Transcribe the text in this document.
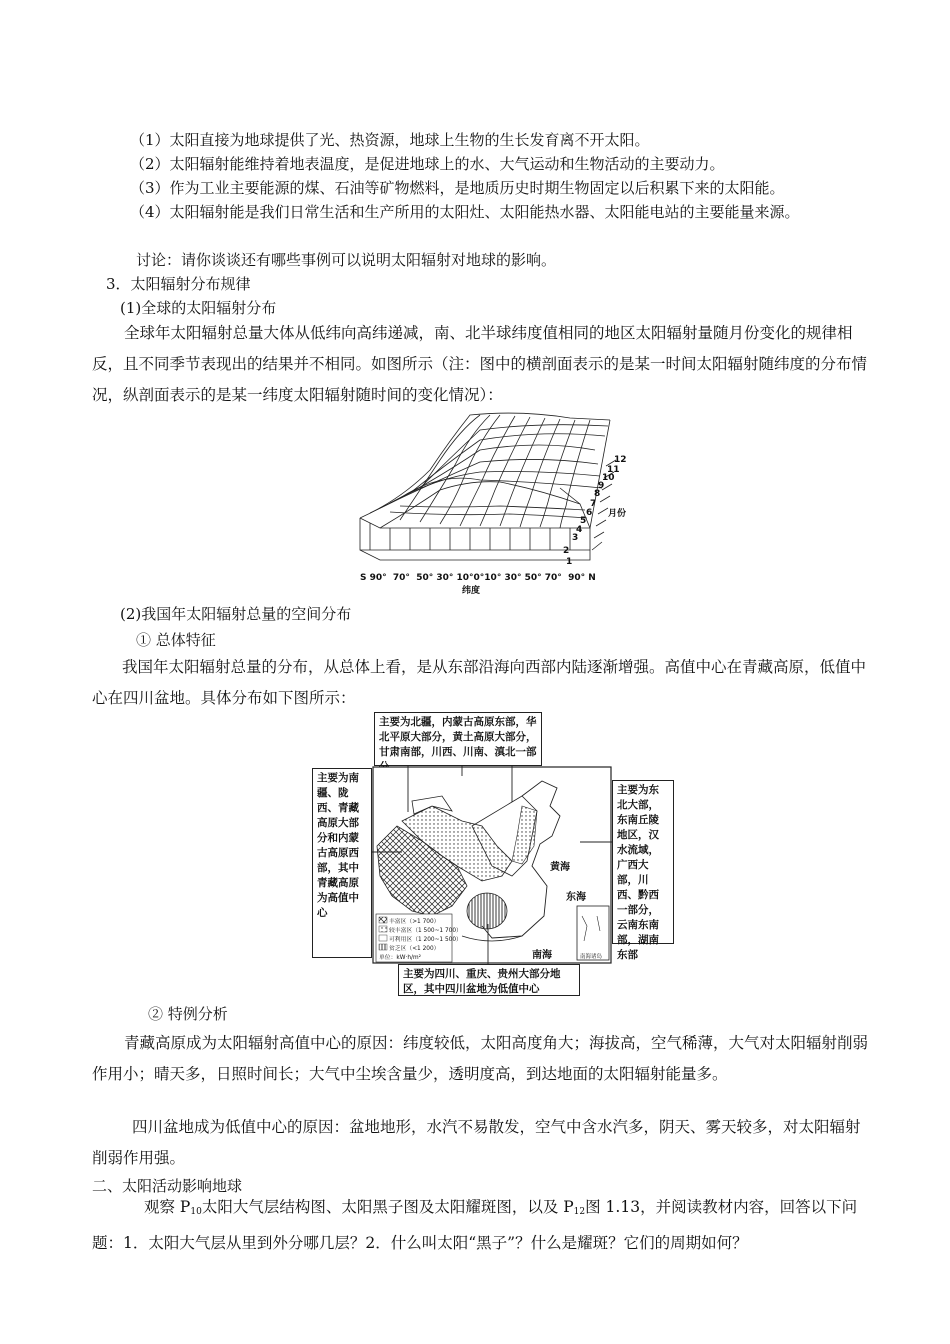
（1）太阳直接为地球提供了光、热资源，地球上生物的生长发育离不开太阳。
（2）太阳辐射能维持着地表温度，是促进地球上的水、大气运动和生物活动的主要动力。
（3）作为工业主要能源的煤、石油等矿物燃料，是地质历史时期生物固定以后积累下来的太阳能。
（4）太阳辐射能是我们日常生活和生产所用的太阳灶、太阳能热水器、太阳能电站的主要能量来源。
讨论：请你谈谈还有哪些事例可以说明太阳辐射对地球的影响。
3．太阳辐射分布规律
(1)全球的太阳辐射分布
全球年太阳辐射总量大体从低纬向高纬递减，南、北半球纬度值相同的地区太阳辐射量随月份变化的规律相反，且不同季节表现出的结果并不相同。如图所示（注：图中的横剖面表示的是某一时间太阳辐射随纬度的分布情况，纵剖面表示的是某一纬度太阳辐射随时间的变化情况）：
1
2
3
4
5
6
7
8
9
10
11
12
月份
S 90°  70°  50° 30° 10°0°10° 30° 50° 70°  90° N
纬度
(2)我国年太阳辐射总量的空间分布
① 总体特征
我国年太阳辐射总量的分布，从总体上看，是从东部沿海向西部内陆逐渐增强。高值中心在青藏高原，低值中心在四川盆地。具体分布如下图所示：
主要为北疆，内蒙古高原东部，华北平原大部分，黄土高原大部分，甘肃南部，川西、川南、滇北一部
主要为南疆、陇西、青藏高原大部分和内蒙古高原西部，其中青藏高原为高值中心
主要为东北大部，东南丘陵地区，汉水流域，广西大部，川西、黔西一部分，云南东南部，湖南东部
主要为四川、重庆、贵州大部分地区，其中四川盆地为低值中心
南海诸岛
黄海
东海
南海
丰富区（>1 700）
较丰富区（1 500~1 700）
可利用区（1 200~1 500）
贫乏区（<1 200）
单位：kW·h/m²
② 特例分析
青藏高原成为太阳辐射高值中心的原因：纬度较低，太阳高度角大；海拔高，空气稀薄，大气对太阳辐射削弱作用小；晴天多，日照时间长；大气中尘埃含量少，透明度高，到达地面的太阳辐射能量多。
四川盆地成为低值中心的原因：盆地地形，水汽不易散发，空气中含水汽多，阴天、雾天较多，对太阳辐射削弱作用强。
二、太阳活动影响地球
观察 $P_{10}$太阳大气层结构图、太阳黑子图及太阳耀斑图，以及 $P_{12}$图 1.13，并阅读教材内容，回答以下问题：1．太阳大气层从里到外分哪几层？2．什么叫太阳“黑子”？什么是耀斑？它们的周期如何？
